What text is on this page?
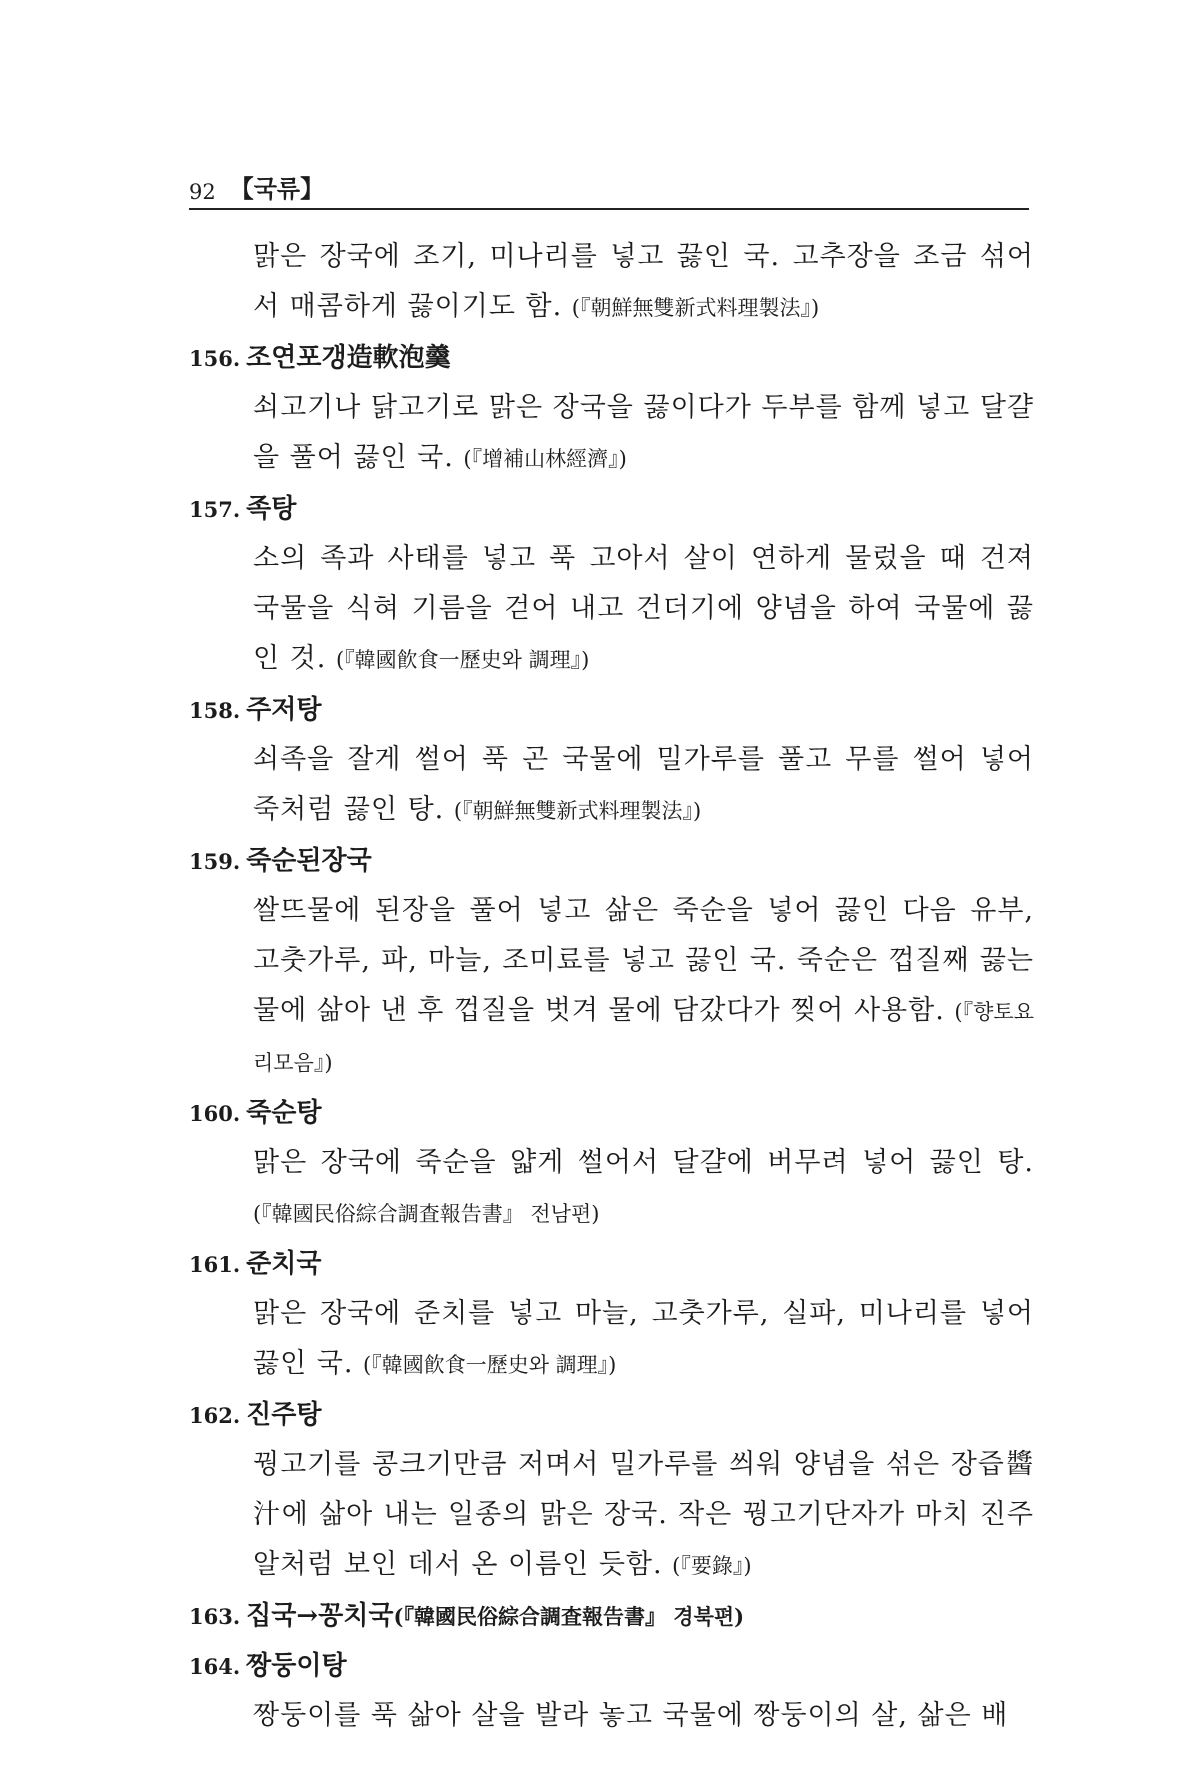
92 【국류】
맑은 장국에 조기, 미나리를 넣고 끓인 국. 고추장을 조금 섞어서 매콤하게 끓이기도 함. (『朝鮮無雙新式料理製法』)
156. 조연포갱造軟泡羹
쇠고기나 닭고기로 맑은 장국을 끓이다가 두부를 함께 넣고 달걀을 풀어 끓인 국. (『增補山林經濟』)
157. 족탕
소의 족과 사태를 넣고 푹 고아서 살이 연하게 물렀을 때 건져 국물을 식혀 기름을 걷어 내고 건더기에 양념을 하여 국물에 끓인 것. (『韓國飮食一歷史와 調理』)
158. 주저탕
쇠족을 잘게 썰어 푹 곤 국물에 밀가루를 풀고 무를 썰어 넣어 죽처럼 끓인 탕. (『朝鮮無雙新式料理製法』)
159. 죽순된장국
쌀뜨물에 된장을 풀어 넣고 삶은 죽순을 넣어 끓인 다음 유부, 고춧가루, 파, 마늘, 조미료를 넣고 끓인 국. 죽순은 껍질째 끓는 물에 삶아 낸 후 껍질을 벗겨 물에 담갔다가 찢어 사용함. (『향토요리모음』)
160. 죽순탕
맑은 장국에 죽순을 얇게 썰어서 달걀에 버무려 넣어 끓인 탕. (『韓國民俗綜合調査報告書』 전남편)
161. 준치국
맑은 장국에 준치를 넣고 마늘, 고춧가루, 실파, 미나리를 넣어 끓인 국. (『韓國飮食一歷史와 調理』)
162. 진주탕
꿩고기를 콩크기만큼 저며서 밀가루를 씌워 양념을 섞은 장즙醬汁에 삶아 내는 일종의 맑은 장국. 작은 꿩고기단자가 마치 진주알처럼 보인 데서 온 이름인 듯함. (『要錄』)
163. 집국→꽁치국(『韓國民俗綜合調査報告書』 경북편)
164. 짱둥이탕
짱둥이를 푹 삶아 살을 발라 놓고 국물에 짱둥이의 살, 삶은 배
